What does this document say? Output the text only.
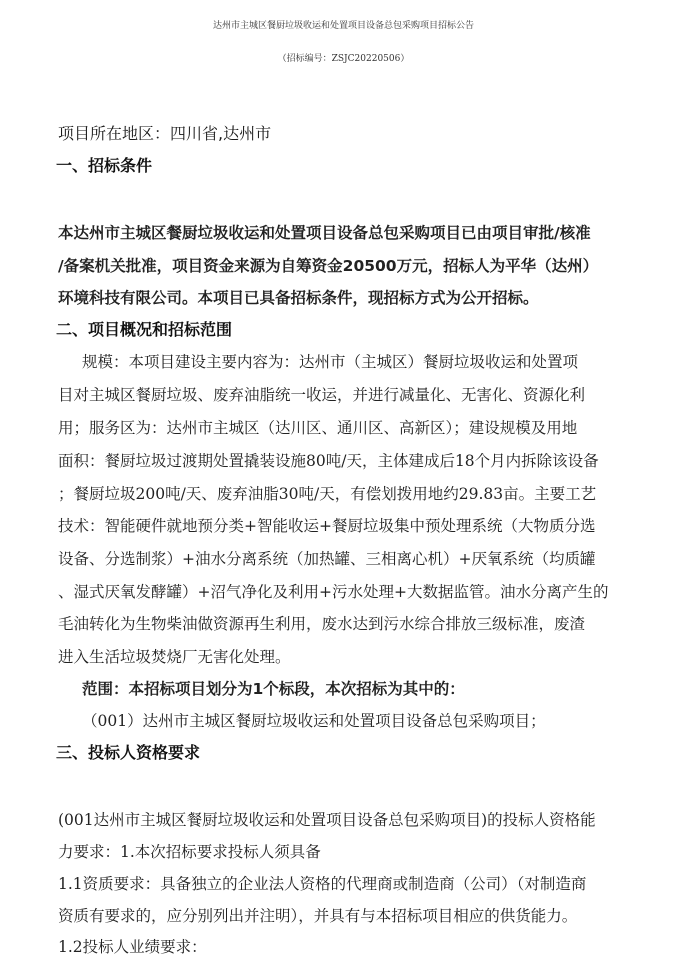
达州市主城区餐厨垃圾收运和处置项目设备总包采购项目招标公告
（招标编号：ZSJC20220506）
项目所在地区：四川省,达州市
一、招标条件
本达州市主城区餐厨垃圾收运和处置项目设备总包采购项目已由项目审批/核准
/备案机关批准，项目资金来源为自筹资金20500万元，招标人为平华（达州）
环境科技有限公司。本项目已具备招标条件，现招标方式为公开招标。
二、项目概况和招标范围
规模：本项目建设主要内容为：达州市（主城区）餐厨垃圾收运和处置项
目对主城区餐厨垃圾、废弃油脂统一收运，并进行减量化、无害化、资源化利
用；服务区为：达州市主城区（达川区、通川区、高新区）；建设规模及用地
面积：餐厨垃圾过渡期处置撬装设施80吨/天，主体建成后18个月内拆除该设备
；餐厨垃圾200吨/天、废弃油脂30吨/天，有偿划拨用地约29.83亩。主要工艺
技术：智能硬件就地预分类+智能收运+餐厨垃圾集中预处理系统（大物质分选
设备、分选制浆）+油水分离系统（加热罐、三相离心机）+厌氧系统（均质罐
、湿式厌氧发酵罐）+沼气净化及利用+污水处理+大数据监管。油水分离产生的
毛油转化为生物柴油做资源再生利用，废水达到污水综合排放三级标准，废渣
进入生活垃圾焚烧厂无害化处理。
范围：本招标项目划分为1个标段，本次招标为其中的：
（001）达州市主城区餐厨垃圾收运和处置项目设备总包采购项目；
三、投标人资格要求
(001达州市主城区餐厨垃圾收运和处置项目设备总包采购项目)的投标人资格能
力要求：1.本次招标要求投标人须具备
1.1资质要求：具备独立的企业法人资格的代理商或制造商（公司）（对制造商
资质有要求的，应分别列出并注明），并具有与本招标项目相应的供货能力。
1.2投标人业绩要求：
